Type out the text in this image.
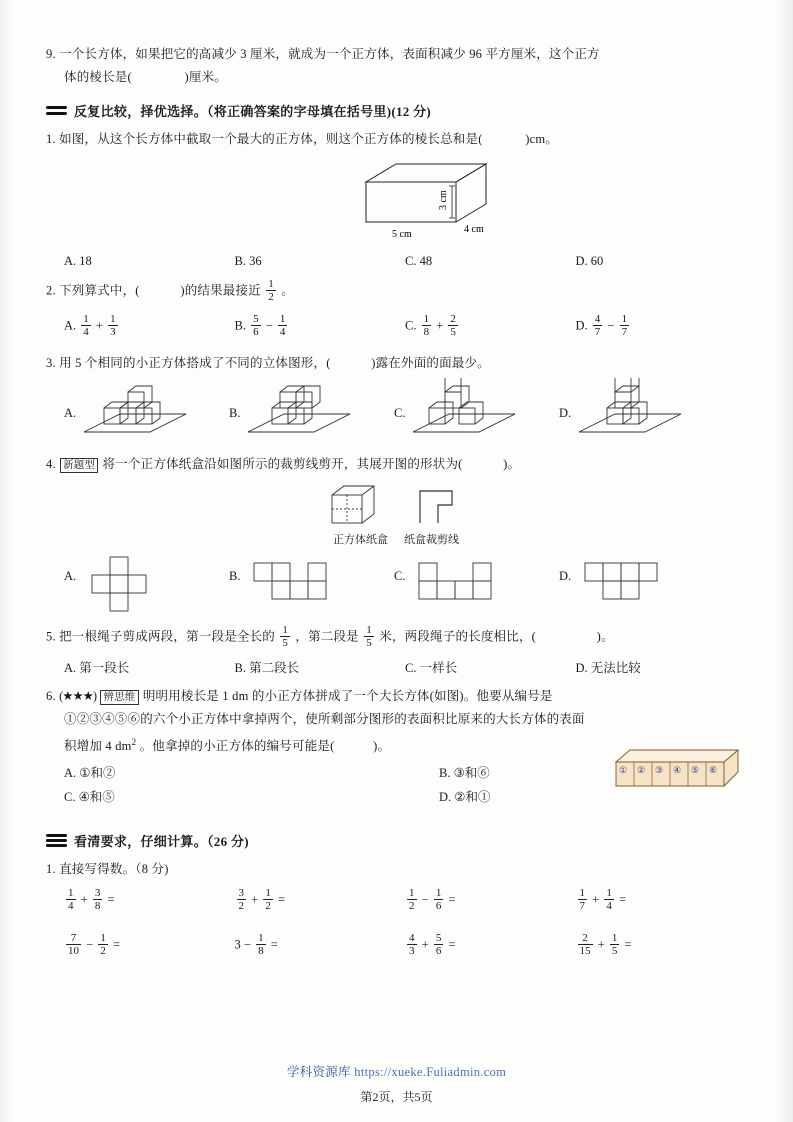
9. 一个长方体，如果把它的高减少 3 厘米，就成为一个正方体，表面积减少 96 平方厘米，这个正方
体的棱长是(	)厘米。
反复比较，择优选择。（将正确答案的字母填在括号里)(12 分)
1. 如图，从这个长方体中截取一个最大的正方体，则这个正方体的棱长总和是(	)cm。
3 cm
5 cm	4 cm
A. 18	B. 36	C. 48	D. 60
2. 下列算式中，(	)的结果最接近 $\frac{1}{2}$ 。
A. $\frac{1}{4} + \frac{1}{3}$	B. $\frac{5}{6} - \frac{1}{4}$	C. $\frac{1}{8} + \frac{2}{5}$	D. $\frac{4}{7} - \frac{1}{7}$
3. 用 5 个相同的小正方体搭成了不同的立体图形，(	)露在外面的面最少。
A.	B.	C.	D.
4. 新题型 将一个正方体纸盒沿如图所示的裁剪线剪开，其展开图的形状为(	)。
正方体纸盒 纸盒裁剪线
A.	B.	C.	D.
5. 把一根绳子剪成两段，第一段是全长的 $\frac{1}{5}$ ，第二段是 $\frac{1}{5}$ 米，两段绳子的长度相比，(	)。
A. 第一段长	B. 第二段长	C. 一样长	D. 无法比较
6. (★★★) 辨思维 明明用棱长是 1 dm 的小正方体拼成了一个大长方体(如图)。他要从编号是
①②③④⑤⑥的六个小正方体中拿掉两个，使所剩部分图形的表面积比原来的大长方体的表面
积增加 4 $dm^2$ 。他拿掉的小正方体的编号可能是(	)。
A. ①和②	B. ③和⑥
C. ④和⑤	D. ②和①
① ② ③ ④ ⑤ ⑥
看清要求，仔细计算。（26 分)
1. 直接写得数。（8 分)
$\frac{1}{4} + \frac{3}{8}$ =	$\frac{3}{2} + \frac{1}{2}$ =	$\frac{1}{2} - \frac{1}{6}$ =	$\frac{1}{7} + \frac{1}{4}$ =
$\frac{7}{10} - \frac{1}{2}$ =	$3 - \frac{1}{8}$ =	$\frac{4}{3} + \frac{5}{6}$ =	$\frac{2}{15} + \frac{1}{5}$ =
学科资源库 https://xueke.Fuliadmin.com
第2页，共5页
